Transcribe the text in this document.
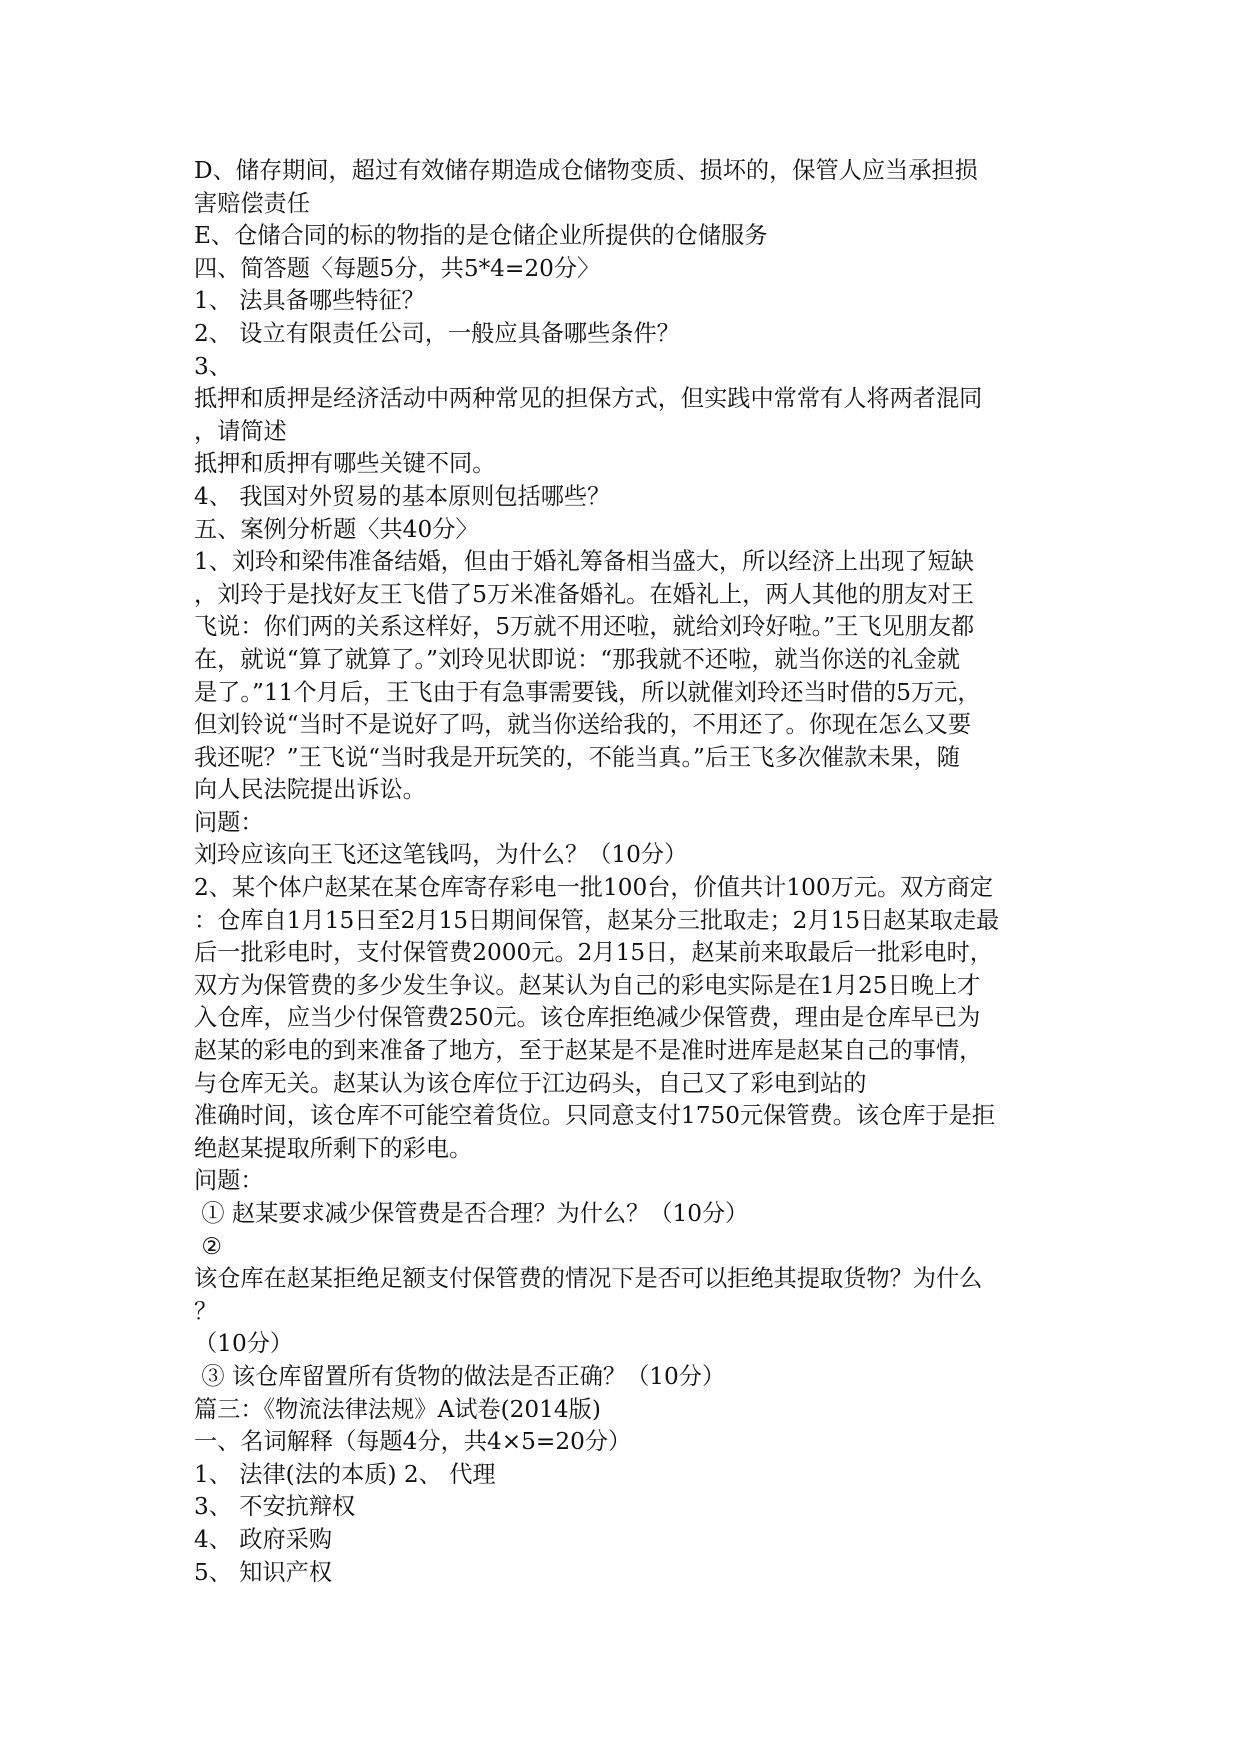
D、储存期间，超过有效储存期造成仓储物变质、损坏的，保管人应当承担损
害赔偿责任
E、仓储合同的标的物指的是仓储企业所提供的仓储服务
四、简答题〈每题5分，共5*4=20分〉
1、 法具备哪些特征？
2、 设立有限责任公司，一般应具备哪些条件？
3、
抵押和质押是经济活动中两种常见的担保方式，但实践中常常有人将两者混同
，请简述
抵押和质押有哪些关键不同。
4、 我国对外贸易的基本原则包括哪些？
五、案例分析题〈共40分〉
1、刘玲和梁伟准备结婚，但由于婚礼筹备相当盛大，所以经济上出现了短缺
，刘玲于是找好友王飞借了5万米准备婚礼。在婚礼上，两人其他的朋友对王
飞说：你们两的关系这样好，5万就不用还啦，就给刘玲好啦。”王飞见朋友都
在，就说“算了就算了。”刘玲见状即说：“那我就不还啦，就当你送的礼金就
是了。”11个月后，王飞由于有急事需要钱，所以就催刘玲还当时借的5万元，
但刘铃说“当时不是说好了吗，就当你送给我的，不用还了。你现在怎么又要
我还呢？”王飞说“当时我是开玩笑的，不能当真。”后王飞多次催款未果，随
向人民法院提出诉讼。
问题：
刘玲应该向王飞还这笔钱吗，为什么？（10分）
2、某个体户赵某在某仓库寄存彩电一批100台，价值共计100万元。双方商定
：仓库自1月15日至2月15日期间保管，赵某分三批取走；2月15日赵某取走最
后一批彩电时，支付保管费2000元。2月15日，赵某前来取最后一批彩电时，
双方为保管费的多少发生争议。赵某认为自己的彩电实际是在1月25日晚上才
入仓库，应当少付保管费250元。该仓库拒绝减少保管费，理由是仓库早已为
赵某的彩电的到来准备了地方，至于赵某是不是准时进库是赵某自己的事情，
与仓库无关。赵某认为该仓库位于江边码头，自己又了彩电到站的
准确时间，该仓库不可能空着货位。只同意支付1750元保管费。该仓库于是拒
绝赵某提取所剩下的彩电。
问题：
① 赵某要求减少保管费是否合理？为什么？（10分）
②
该仓库在赵某拒绝足额支付保管费的情况下是否可以拒绝其提取货物？为什么
？
（10分）
③ 该仓库留置所有货物的做法是否正确？（10分）
篇三：《物流法律法规》A试卷(2014版)
一、名词解释（每题4分，共4×5=20分）
1、 法律(法的本质) 2、 代理
3、 不安抗辩权
4、 政府采购
5、 知识产权
